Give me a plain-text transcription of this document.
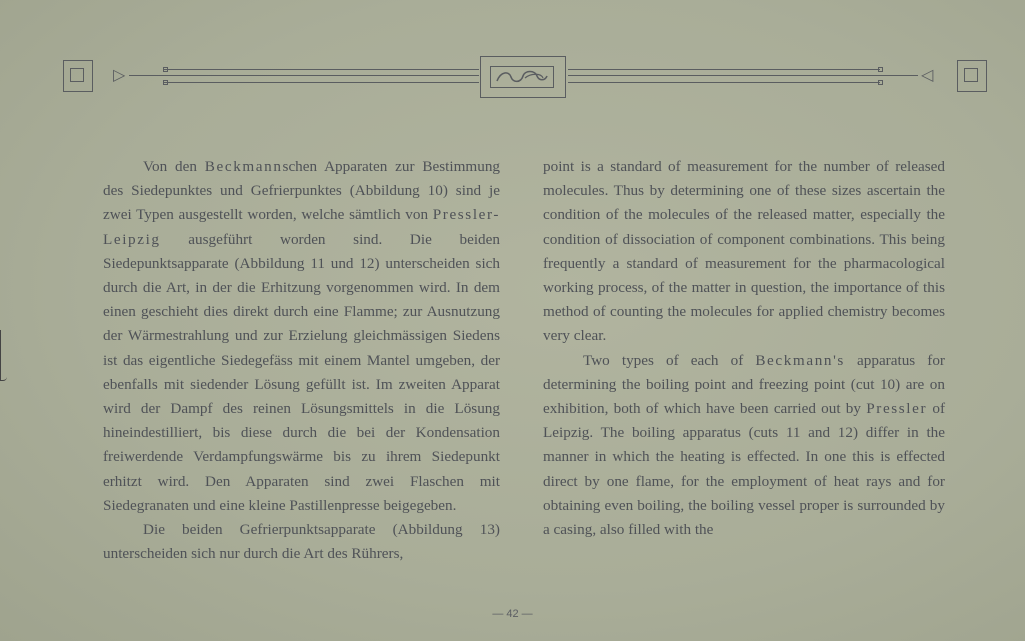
▷	◁

Von den Beckmannschen Apparaten zur Bestimmung des Siedepunktes und Gefrierpunktes (Abbildung 10) sind je zwei Typen ausgestellt worden, welche sämtlich von Pressler-Leipzig ausgeführt worden sind. Die beiden Siedepunktsapparate (Abbildung 11 und 12) unterscheiden sich durch die Art, in der die Erhitzung vorgenommen wird. In dem einen geschieht dies direkt durch eine Flamme; zur Ausnutzung der Wärmestrahlung und zur Erzielung gleichmässigen Siedens ist das eigentliche Siedegefäss mit einem Mantel umgeben, der ebenfalls mit siedender Lösung gefüllt ist. Im zweiten Apparat wird der Dampf des reinen Lösungsmittels in die Lösung hineindestilliert, bis diese durch die bei der Kondensation freiwerdende Verdampfungswärme bis zu ihrem Siedepunkt erhitzt wird. Den Apparaten sind zwei Flaschen mit Siedegranaten und eine kleine Pastillenpresse beigegeben.

Die beiden Gefrierpunktsapparate (Abbildung 13) unterscheiden sich nur durch die Art des Rührers,

point is a standard of measurement for the number of released molecules. Thus by determining one of these sizes ascertain the condition of the molecules of the released matter, especially the condition of dissociation of component combinations. This being frequently a standard of measurement for the pharmacological working process, of the matter in question, the importance of this method of counting the molecules for applied chemistry becomes very clear.

Two types of each of Beckmann's apparatus for determining the boiling point and freezing point (cut 10) are on exhibition, both of which have been carried out by Pressler of Leipzig. The boiling apparatus (cuts 11 and 12) differ in the manner in which the heating is effected. In one this is effected direct by one flame, for the employment of heat rays and for obtaining even boiling, the boiling vessel proper is surrounded by a casing, also filled with the

— 42 —
